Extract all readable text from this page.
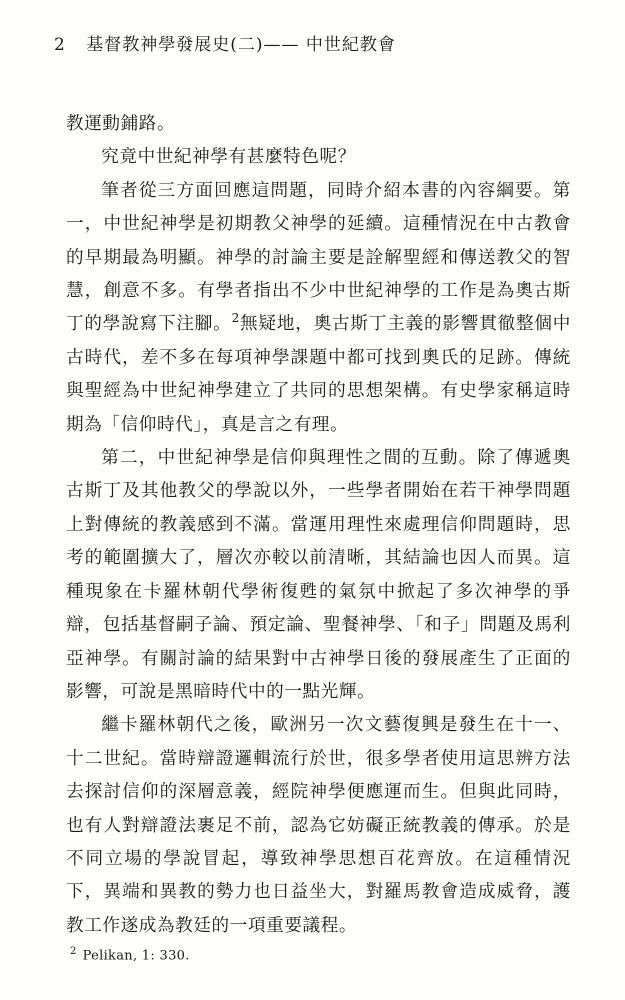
2 基督教神學發展史(二)—— 中世紀教會

教運動鋪路。

究竟中世紀神學有甚麼特色呢？

筆者從三方面回應這問題，同時介紹本書的內容綱要。第一，中世紀神學是初期教父神學的延續。這種情況在中古教會的早期最為明顯。神學的討論主要是詮解聖經和傳送教父的智慧，創意不多。有學者指出不少中世紀神學的工作是為奧古斯丁的學說寫下注腳。$^2$無疑地，奧古斯丁主義的影響貫徹整個中古時代，差不多在每項神學課題中都可找到奧氏的足跡。傳統與聖經為中世紀神學建立了共同的思想架構。有史學家稱這時期為「信仰時代」，真是言之有理。

第二，中世紀神學是信仰與理性之間的互動。除了傳遞奧古斯丁及其他教父的學說以外，一些學者開始在若干神學問題上對傳統的教義感到不滿。當運用理性來處理信仰問題時，思考的範圍擴大了，層次亦較以前清晰，其結論也因人而異。這種現象在卡羅林朝代學術復甦的氣氛中掀起了多次神學的爭辯，包括基督嗣子論、預定論、聖餐神學、「和子」問題及馬利亞神學。有關討論的結果對中古神學日後的發展產生了正面的影響，可說是黑暗時代中的一點光輝。

繼卡羅林朝代之後，歐洲另一次文藝復興是發生在十一、十二世紀。當時辯證邏輯流行於世，很多學者使用這思辨方法去探討信仰的深層意義，經院神學便應運而生。但與此同時，也有人對辯證法裹足不前，認為它妨礙正統教義的傳承。於是不同立場的學說冒起，導致神學思想百花齊放。在這種情況下，異端和異教的勢力也日益坐大，對羅馬教會造成威脅，護教工作遂成為教廷的一項重要議程。

$^2$ Pelikan, 1: 330.
